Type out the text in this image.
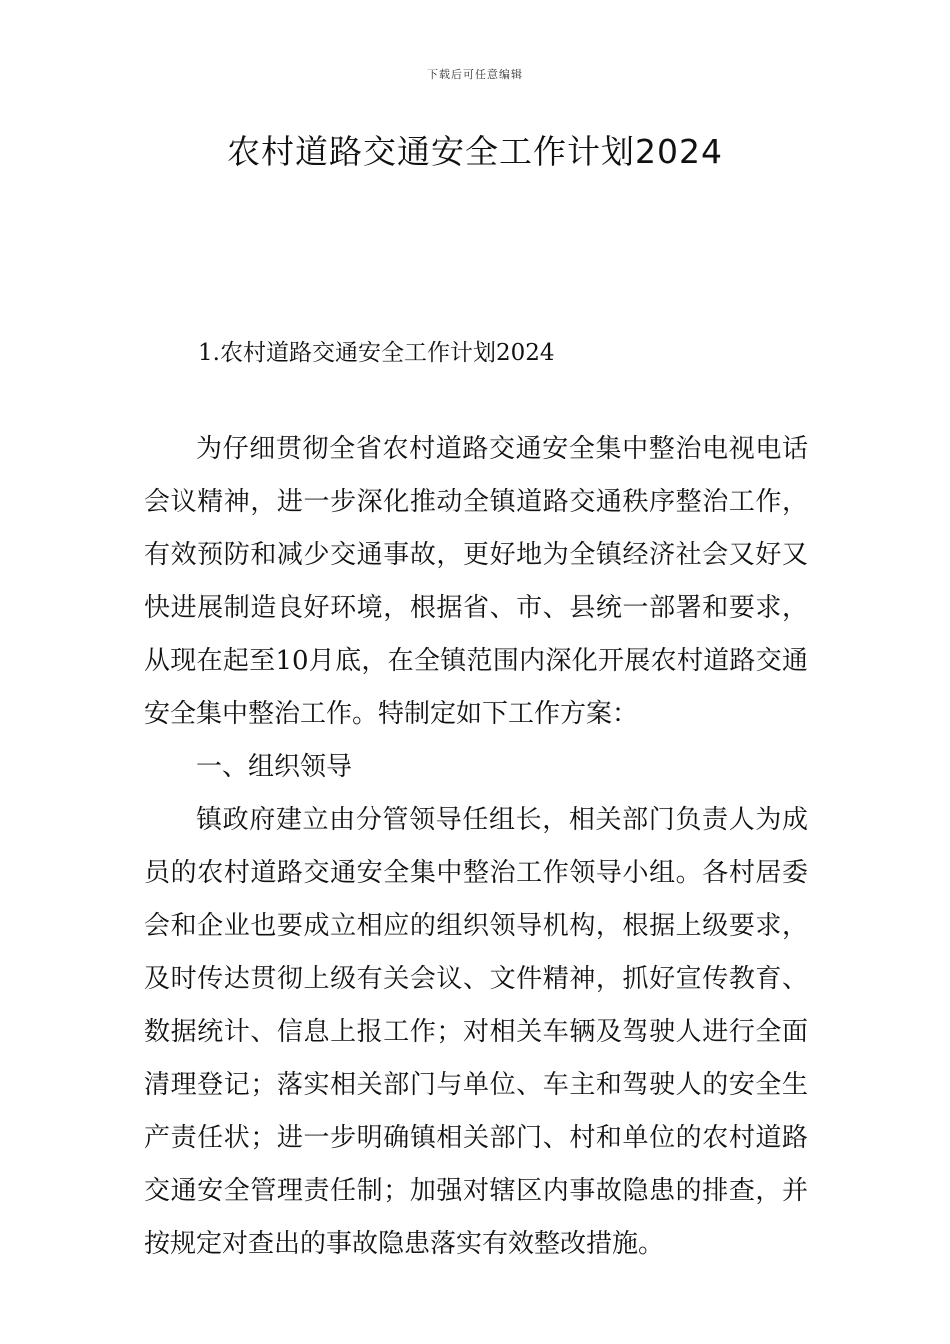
下载后可任意编辑
农村道路交通安全工作计划2024
1.农村道路交通安全工作计划2024

为仔细贯彻全省农村道路交通安全集中整治电视电话会议精神，进一步深化推动全镇道路交通秩序整治工作，有效预防和减少交通事故，更好地为全镇经济社会又好又快进展制造良好环境，根据省、市、县统一部署和要求，从现在起至10月底，在全镇范围内深化开展农村道路交通安全集中整治工作。特制定如下工作方案：

一、组织领导

镇政府建立由分管领导任组长，相关部门负责人为成员的农村道路交通安全集中整治工作领导小组。各村居委会和企业也要成立相应的组织领导机构，根据上级要求，及时传达贯彻上级有关会议、文件精神，抓好宣传教育、数据统计、信息上报工作；对相关车辆及驾驶人进行全面清理登记；落实相关部门与单位、车主和驾驶人的安全生产责任状；进一步明确镇相关部门、村和单位的农村道路交通安全管理责任制；加强对辖区内事故隐患的排查，并按规定对查出的事故隐患落实有效整改措施。
